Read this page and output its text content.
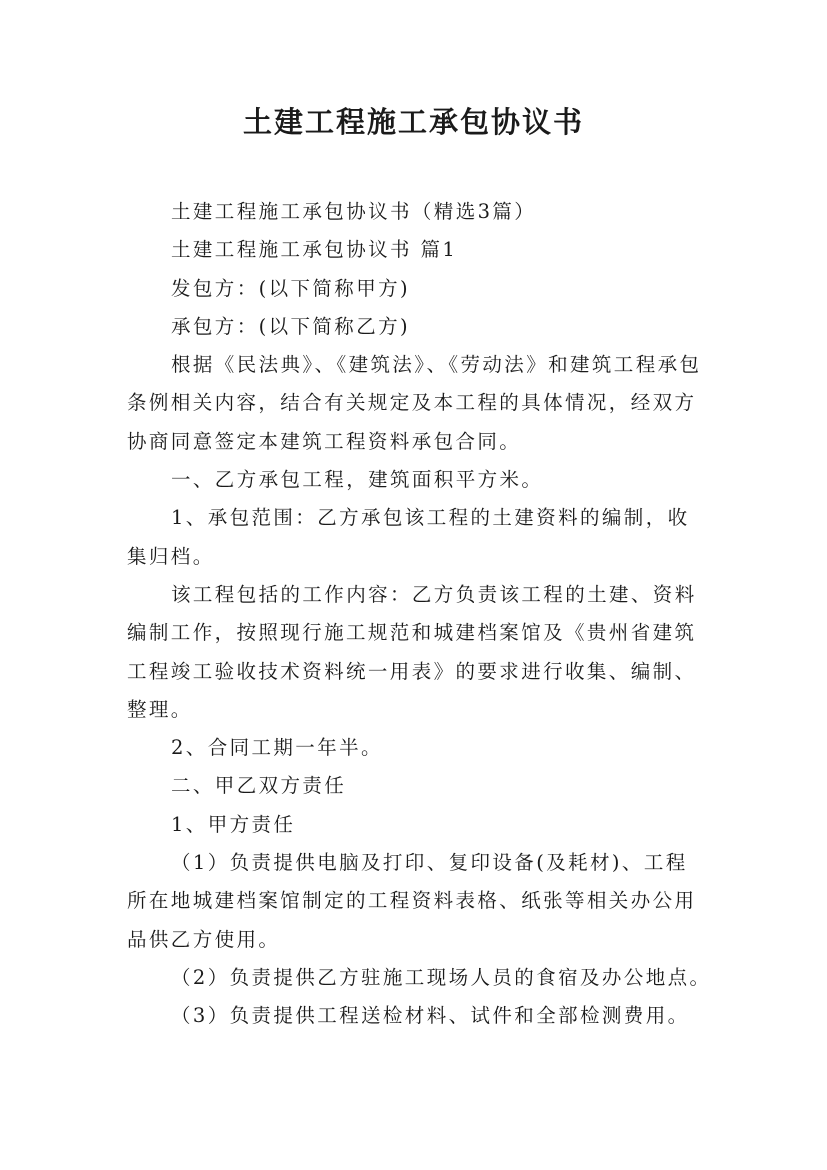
土建工程施工承包协议书

土建工程施工承包协议书（精选3篇）

土建工程施工承包协议书 篇1

发包方：(以下简称甲方)

承包方：(以下简称乙方)

根据《民法典》、《建筑法》、《劳动法》和建筑工程承包

条例相关内容，结合有关规定及本工程的具体情况，经双方

协商同意签定本建筑工程资料承包合同。

一、乙方承包工程，建筑面积平方米。

1、承包范围：乙方承包该工程的土建资料的编制，收

集归档。

该工程包括的工作内容：乙方负责该工程的土建、资料

编制工作，按照现行施工规范和城建档案馆及《贵州省建筑

工程竣工验收技术资料统一用表》的要求进行收集、编制、

整理。

2、合同工期一年半。

二、甲乙双方责任

1、甲方责任

（1）负责提供电脑及打印、复印设备(及耗材)、工程

所在地城建档案馆制定的工程资料表格、纸张等相关办公用

品供乙方使用。

（2）负责提供乙方驻施工现场人员的食宿及办公地点。

（3）负责提供工程送检材料、试件和全部检测费用。
